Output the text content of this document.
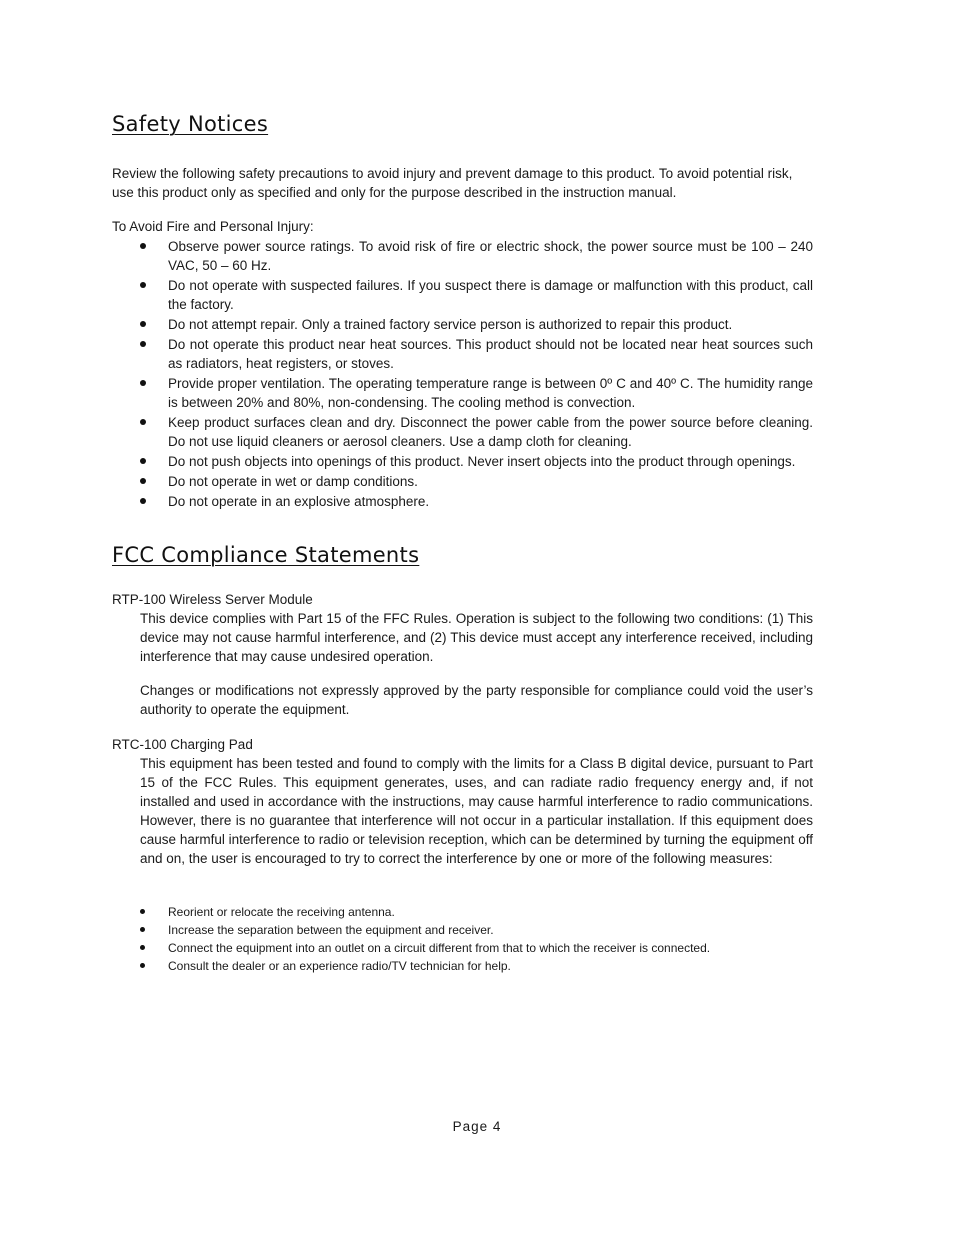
Safety Notices

Review the following safety precautions to avoid injury and prevent damage to this product. To avoid potential risk, use this product only as specified and only for the purpose described in the instruction manual.

To Avoid Fire and Personal Injury:

Observe power source ratings. To avoid risk of fire or electric shock, the power source must be 100 – 240 VAC, 50 – 60 Hz.
Do not operate with suspected failures. If you suspect there is damage or malfunction with this product, call the factory.
Do not attempt repair. Only a trained factory service person is authorized to repair this product.
Do not operate this product near heat sources. This product should not be located near heat sources such as radiators, heat registers, or stoves.
Provide proper ventilation. The operating temperature range is between 0º C and 40º C. The humidity range is between 20% and 80%, non-condensing. The cooling method is convection.
Keep product surfaces clean and dry. Disconnect the power cable from the power source before cleaning. Do not use liquid cleaners or aerosol cleaners. Use a damp cloth for cleaning.
Do not push objects into openings of this product. Never insert objects into the product through openings.
Do not operate in wet or damp conditions.
Do not operate in an explosive atmosphere.
FCC Compliance Statements

RTP-100 Wireless Server Module

This device complies with Part 15 of the FFC Rules. Operation is subject to the following two conditions: (1) This device may not cause harmful interference, and (2) This device must accept any interference received, including interference that may cause undesired operation.

Changes or modifications not expressly approved by the party responsible for compliance could void the user’s authority to operate the equipment.

RTC-100 Charging Pad

This equipment has been tested and found to comply with the limits for a Class B digital device, pursuant to Part 15 of the FCC Rules. This equipment generates, uses, and can radiate radio frequency energy and, if not installed and used in accordance with the instructions, may cause harmful interference to radio communications. However, there is no guarantee that interference will not occur in a particular installation. If this equipment does cause harmful interference to radio or television reception, which can be determined by turning the equipment off and on, the user is encouraged to try to correct the interference by one or more of the following measures:

Reorient or relocate the receiving antenna.
Increase the separation between the equipment and receiver.
Connect the equipment into an outlet on a circuit different from that to which the receiver is connected.
Consult the dealer or an experience radio/TV technician for help.
Page 4
